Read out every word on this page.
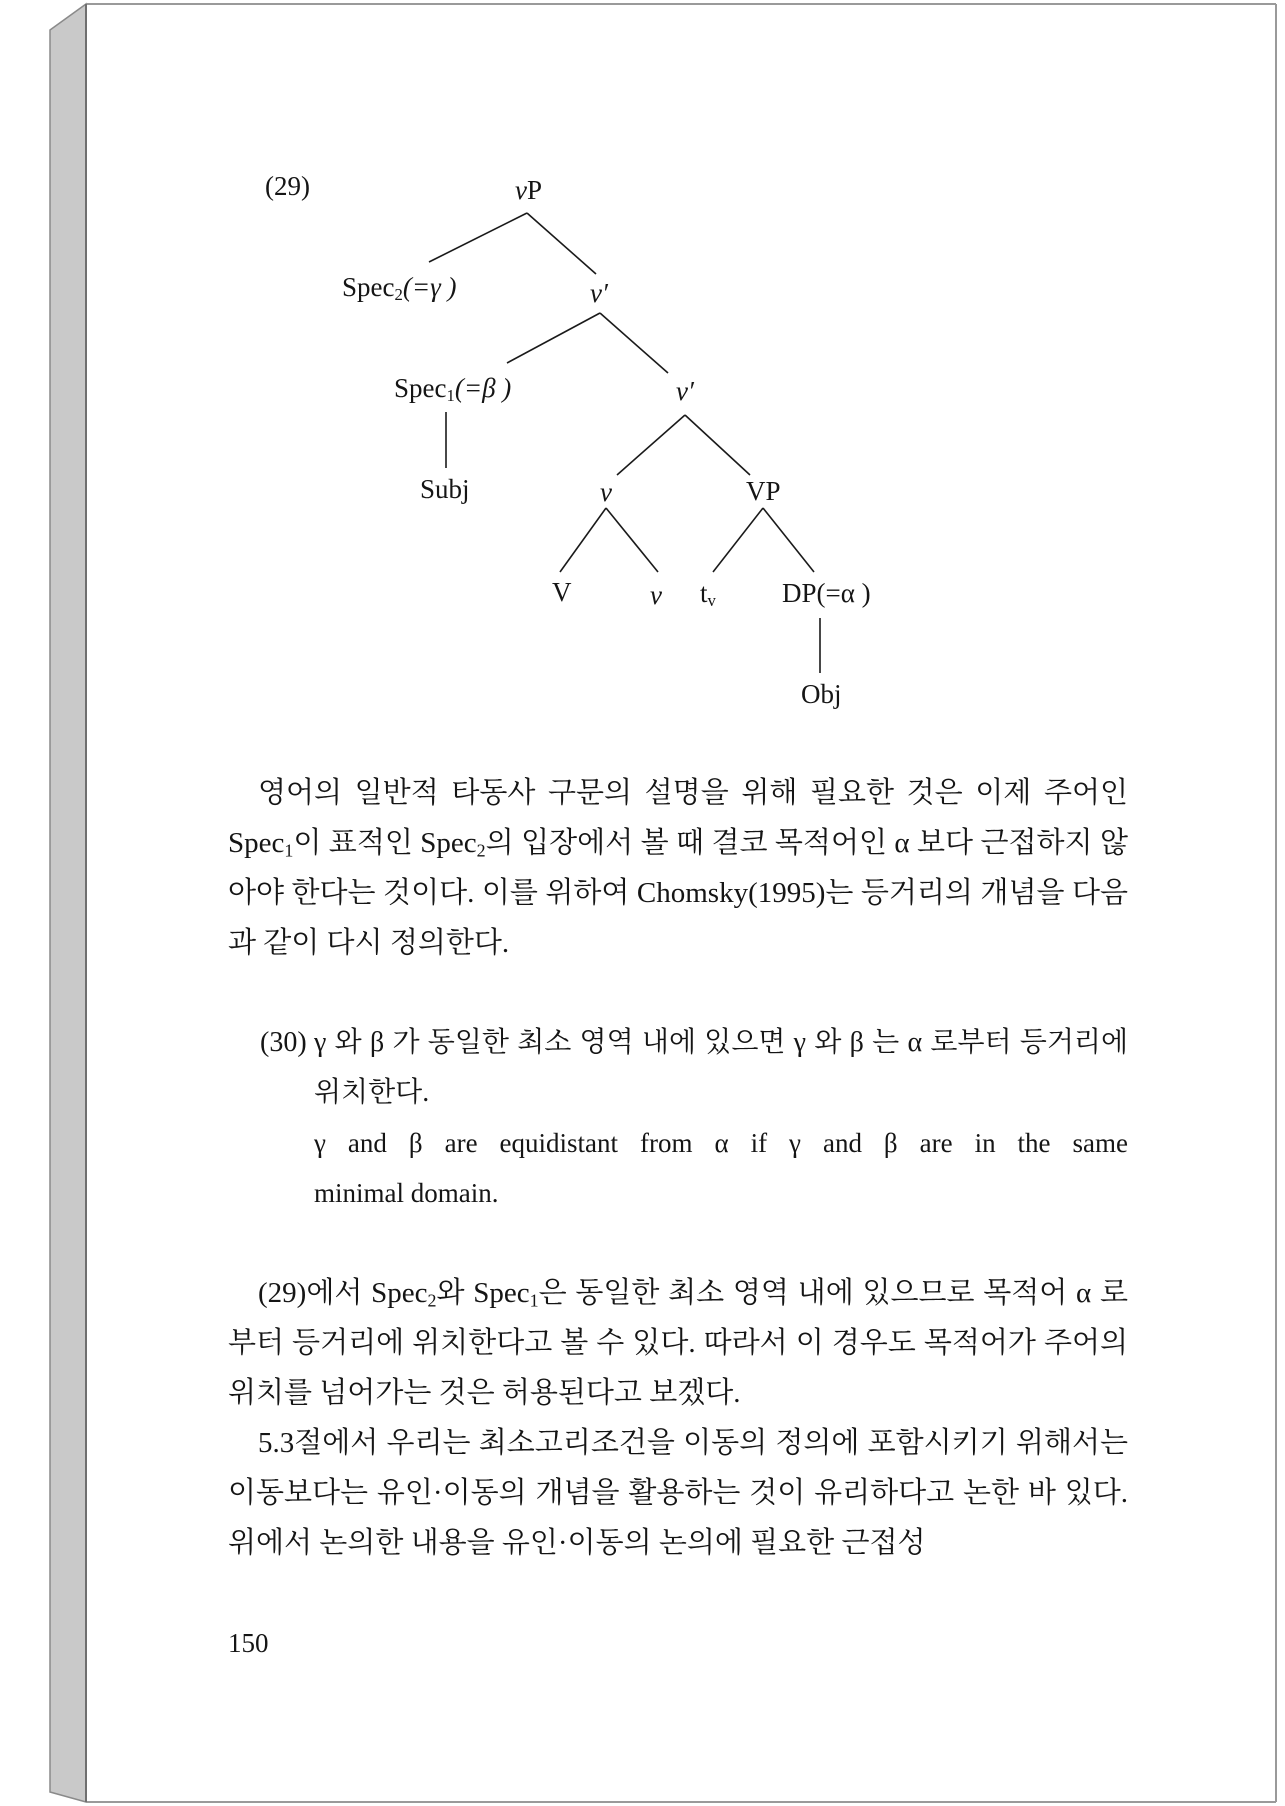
(29)	vP
Spec$_2$(=γ )	v′
Spec$_1$(=β )	v′
Subj	v	VP
V	v $t_v$ DP(=α )
Obj

영어의 일반적 타동사 구문의 설명을 위해 필요한 것은 이제 주어인 Spec$_1$이 표적인 Spec$_2$의 입장에서 볼 때 결코 목적어인 α 보다 근접하지 않아야 한다는 것이다. 이를 위하여 Chomsky(1995)는 등거리의 개념을 다음과 같이 다시 정의한다.

(30) γ 와 β 가 동일한 최소 영역 내에 있으면 γ 와 β 는 α 로부터 등거리에 위치한다.
γ and β are equidistant from α if γ and β are in the same
minimal domain.

(29)에서 Spec$_2$와 Spec$_1$은 동일한 최소 영역 내에 있으므로 목적어 α 로부터 등거리에 위치한다고 볼 수 있다. 따라서 이 경우도 목적어가 주어의 위치를 넘어가는 것은 허용된다고 보겠다.

5.3절에서 우리는 최소고리조건을 이동의 정의에 포함시키기 위해서는 이동보다는 유인·이동의 개념을 활용하는 것이 유리하다고 논한 바 있다. 위에서 논의한 내용을 유인·이동의 논의에 필요한 근접성

150
